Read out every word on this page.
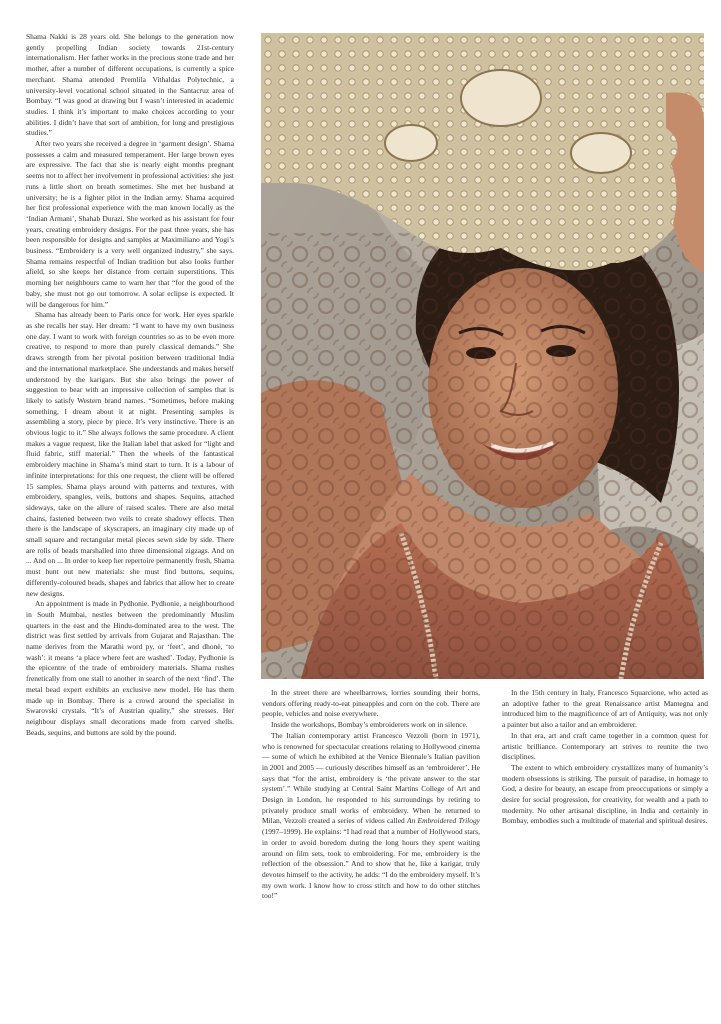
Shama Nakki is 28 years old. She belongs to the generation now gently propelling Indian society towards 21st-century internationalism. Her father works in the precious stone trade and her mother, after a number of different occupations, is currently a spice merchant. Shama attended Premlila Vithaldas Polytechnic, a university-level vocational school situated in the Santacruz area of Bombay. “I was good at drawing but I wasn’t interested in academic studies. I think it’s important to make choices according to your abilities. I didn’t have that sort of ambition, for long and prestigious studies.”

After two years she received a degree in ‘garment design’. Shama possesses a calm and measured temperament. Her large brown eyes are expressive. The fact that she is nearly eight months pregnant seems not to affect her involvement in professional activities: she just runs a little short on breath sometimes. She met her husband at university; he is a fighter pilot in the Indian army. Shama acquired her first professional experience with the man known locally as the ‘Indian Armani’, Shahab Durazi. She worked as his assistant for four years, creating embroidery designs. For the past three years, she has been responsible for designs and samples at Maximiliano and Yogi’s business. “Embroidery is a very well organized industry,” she says. Shama remains respectful of Indian tradition but also looks further afield, so she keeps her distance from certain superstitions. This morning her neighbours came to warn her that “for the good of the baby, she must not go out tomorrow. A solar eclipse is expected. It will be dangerous for him.”

Shama has already been to Paris once for work. Her eyes sparkle as she recalls her stay. Her dream: “I want to have my own business one day. I want to work with foreign countries so as to be even more creative, to respond to more than purely classical demands.” She draws strength from her pivotal position between traditional India and the international marketplace. She understands and makes herself understood by the karigars. But she also brings the power of suggestion to bear with an impressive collection of samples that is likely to satisfy Western brand names. “Sometimes, before making something, I dream about it at night. Presenting samples is assembling a story, piece by piece. It’s very instinctive. There is an obvious logic to it.” She always follows the same procedure. A client makes a vague request, like the Italian label that asked for “light and fluid fabric, stiff material.” Then the wheels of the fantastical embroidery machine in Shama’s mind start to turn. It is a labour of infinite interpretations: for this one request, the client will be offered 15 samples. Shama plays around with patterns and textures, with embroidery, spangles, veils, buttons and shapes. Sequins, attached sideways, take on the allure of raised scales. There are also metal chains, fastened between two veils to create shadowy effects. Then there is the landscape of skyscrapers, an imaginary city made up of small square and rectangular metal pieces sewn side by side. There are rolls of beads marshalled into three dimensional zigzags. And on ... And on ... In order to keep her repertoire permanently fresh, Shama must hunt out new materials: she must find buttons, sequins, differently-coloured beads, shapes and fabrics that allow her to create new designs.

An appointment is made in Pydhonie. Pydhonie, a neighbourhood in South Mumbai, nestles between the predominantly Muslim quarters in the east and the Hindu-dominated area to the west. The district was first settled by arrivals from Gujarat and Rajasthan. The name derives from the Marathi word py, or ‘feet’, and dhonè, ‘to wash’: it means ‘a place where feet are washed’. Today, Pydhonie is the epicentre of the trade of embroidery materials. Shama rushes frenetically from one stall to another in search of the next ‘find’. The metal bead expert exhibits an exclusive new model. He has them made up in Bombay. There is a crowd around the specialist in Swarovski crystals. “It’s of Austrian quality,” she stresses. Her neighbour displays small decorations made from carved shells. Beads, sequins, and buttons are sold by the pound.

In the street there are wheelbarrows, lorries sounding their horns, vendors offering ready-to-eat pineapples and corn on the cob. There are people, vehicles and noise everywhere.

Inside the workshops, Bombay’s embroiderers work on in silence.

The Italian contemporary artist Francesco Vezzoli (born in 1971), who is renowned for spectacular creations relating to Hollywood cinema — some of which he exhibited at the Venice Biennale’s Italian pavilion in 2001 and 2005 — curiously describes himself as an ‘embroiderer’. He says that “for the artist, embroidery is ‘the private answer to the star system’.” While studying at Central Saint Martins College of Art and Design in London, he responded to his surroundings by retiring to privately produce small works of embroidery. When he returned to Milan, Vezzoli created a series of videos called An Embroidered Trilogy (1997–1999). He explains: “I had read that a number of Hollywood stars, in order to avoid boredom during the long hours they spent waiting around on film sets, took to embroidering. For me, embroidery is the reflection of the obsession.” And to show that he, like a karigar, truly devotes himself to the activity, he adds: “I do the embroidery myself. It’s my own work. I know how to cross stitch and how to do other stitches too!”

In the 15th century in Italy, Francesco Squarcione, who acted as an adoptive father to the great Renaissance artist Mantegna and introduced him to the magnificence of art of Antiquity, was not only a painter but also a tailor and an embroiderer.

In that era, art and craft came together in a common quest for artistic brilliance. Contemporary art strives to reunite the two disciplines.

The extent to which embroidery crystallizes many of humanity’s modern obsessions is striking. The pursuit of paradise, in homage to God, a desire for beauty, an escape from preoccupations or simply a desire for social progression, for creativity, for wealth and a path to modernity. No other artisanal discipline, in India and certainly in Bombay, embodies such a multitude of material and spiritual desires.
